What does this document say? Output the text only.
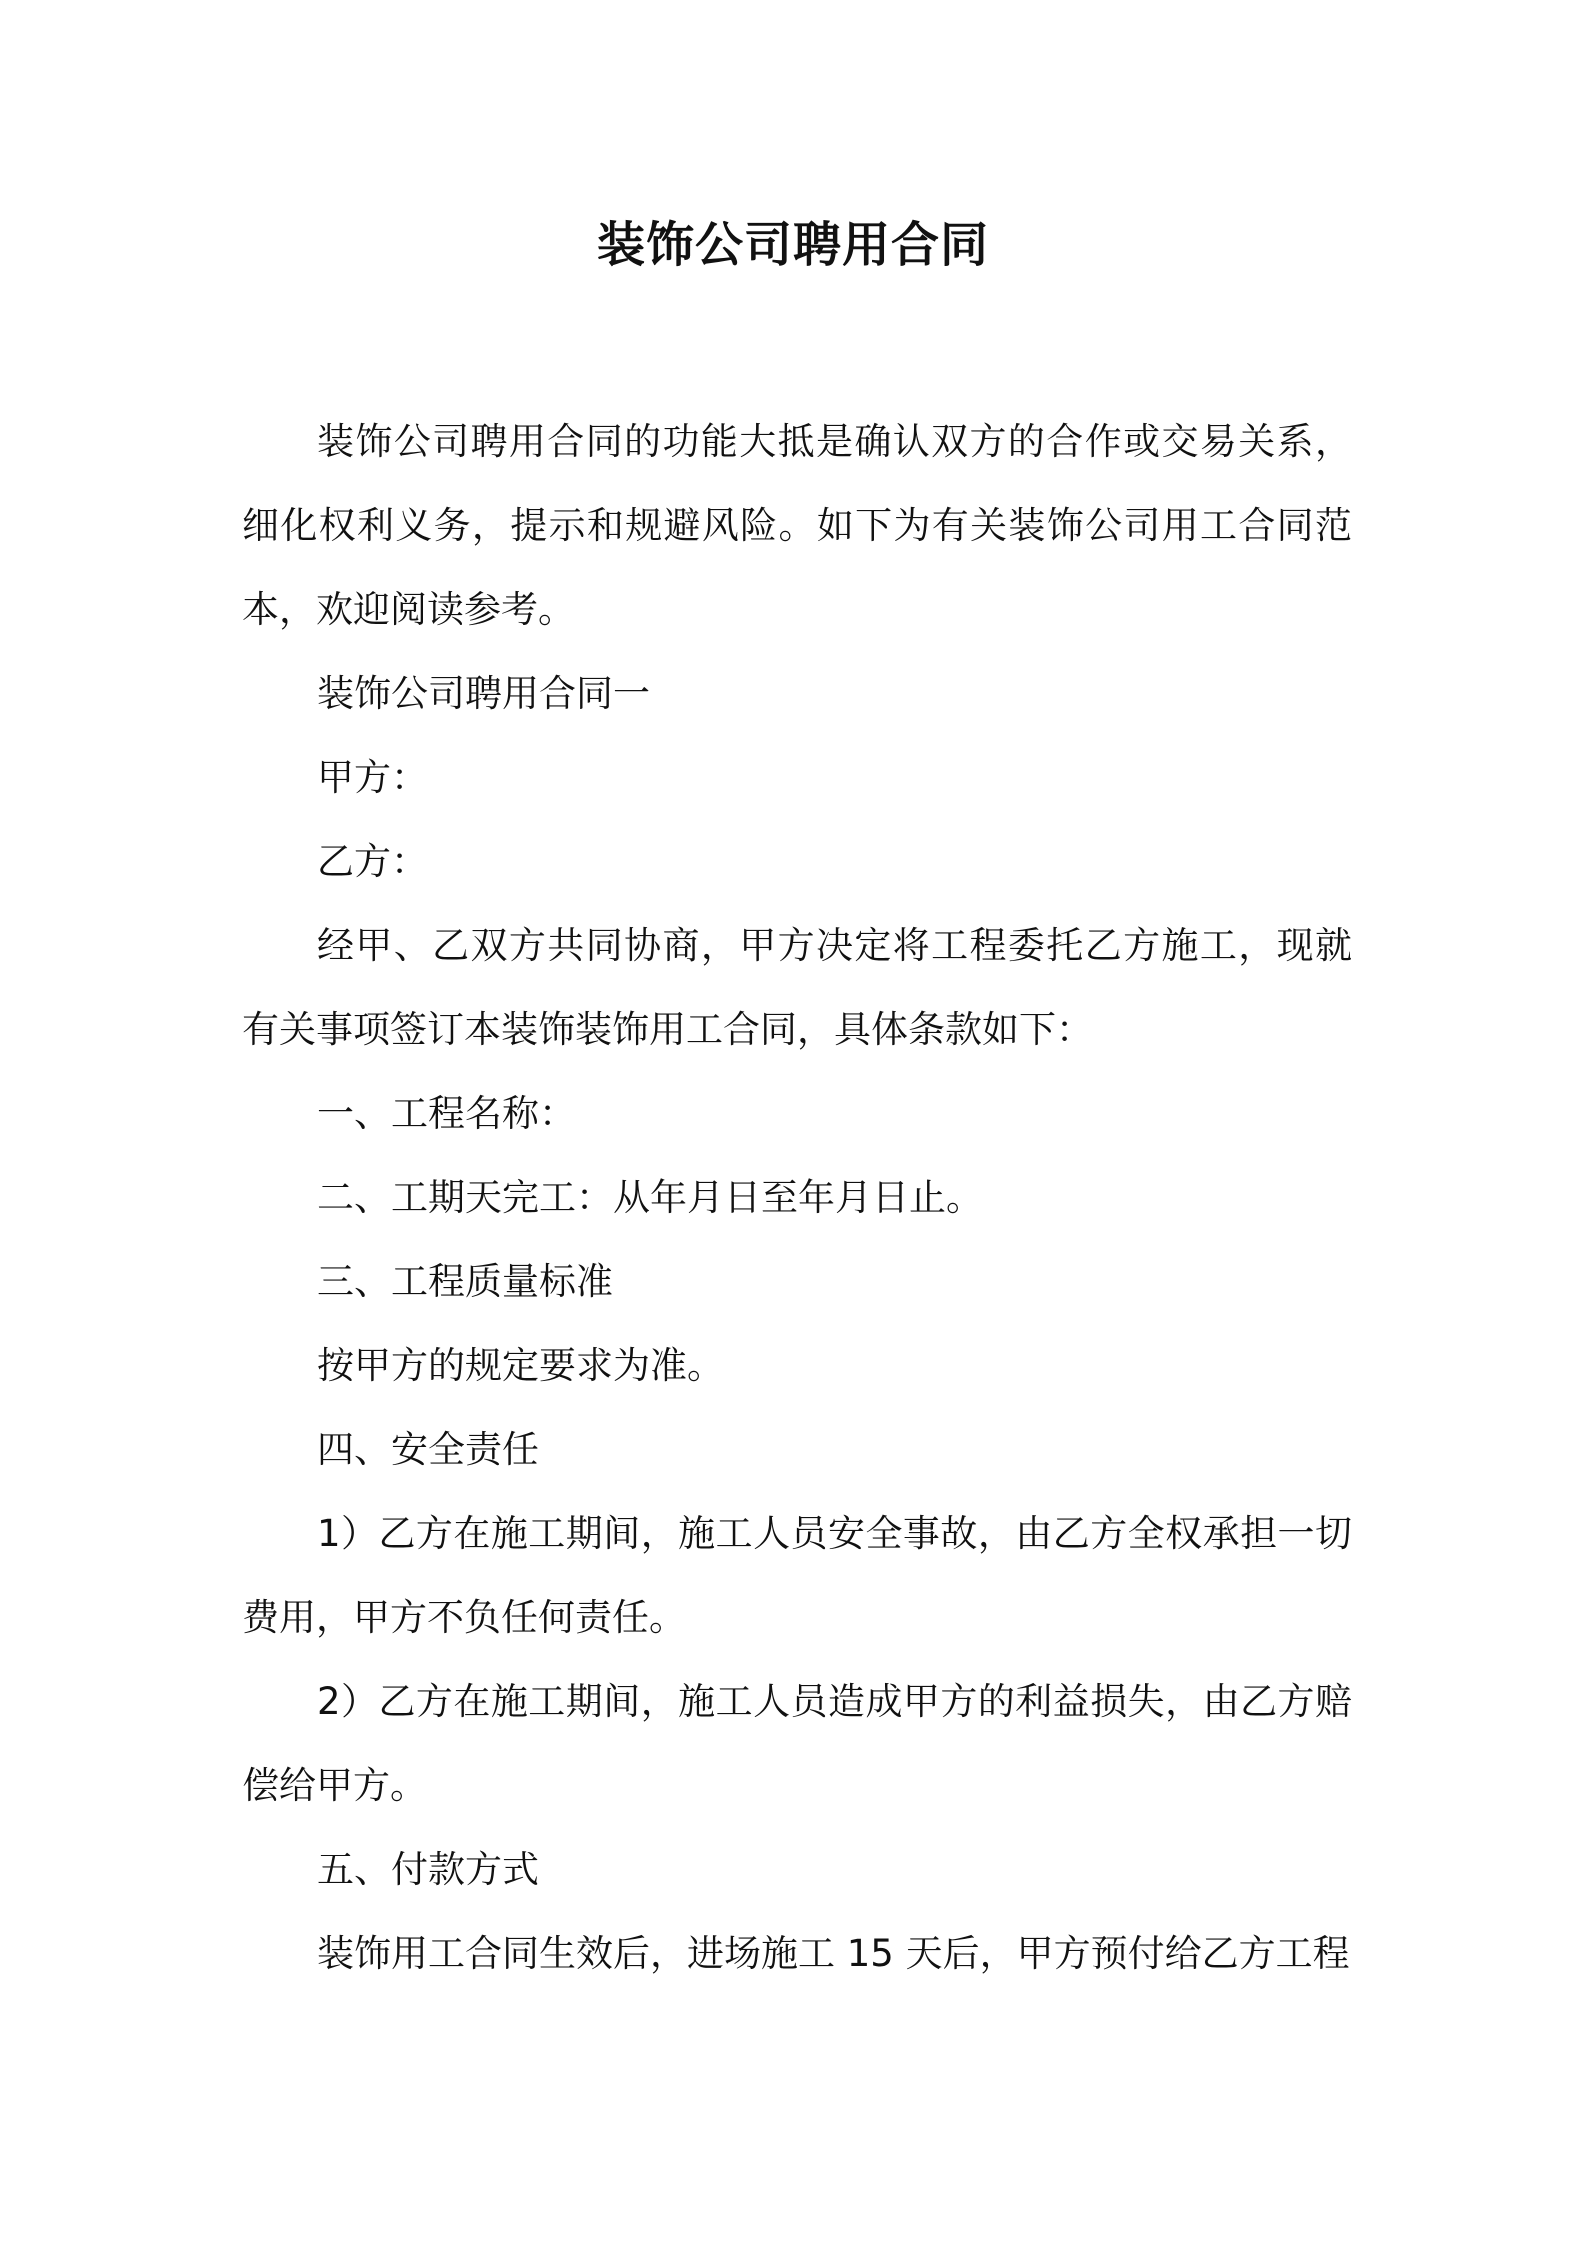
装饰公司聘用合同

装饰公司聘用合同的功能大抵是确认双方的合作或交易关系，细化权利义务，提示和规避风险。如下为有关装饰公司用工合同范本，欢迎阅读参考。

装饰公司聘用合同一

甲方：

乙方：

经甲、乙双方共同协商，甲方决定将工程委托乙方施工，现就有关事项签订本装饰装饰用工合同，具体条款如下：

一、工程名称：

二、工期天完工：从年月日至年月日止。

三、工程质量标准

按甲方的规定要求为准。

四、安全责任

1）乙方在施工期间，施工人员安全事故，由乙方全权承担一切费用，甲方不负任何责任。

2）乙方在施工期间，施工人员造成甲方的利益损失，由乙方赔偿给甲方。

五、付款方式

装饰用工合同生效后，进场施工 15 天后，甲方预付给乙方工程
